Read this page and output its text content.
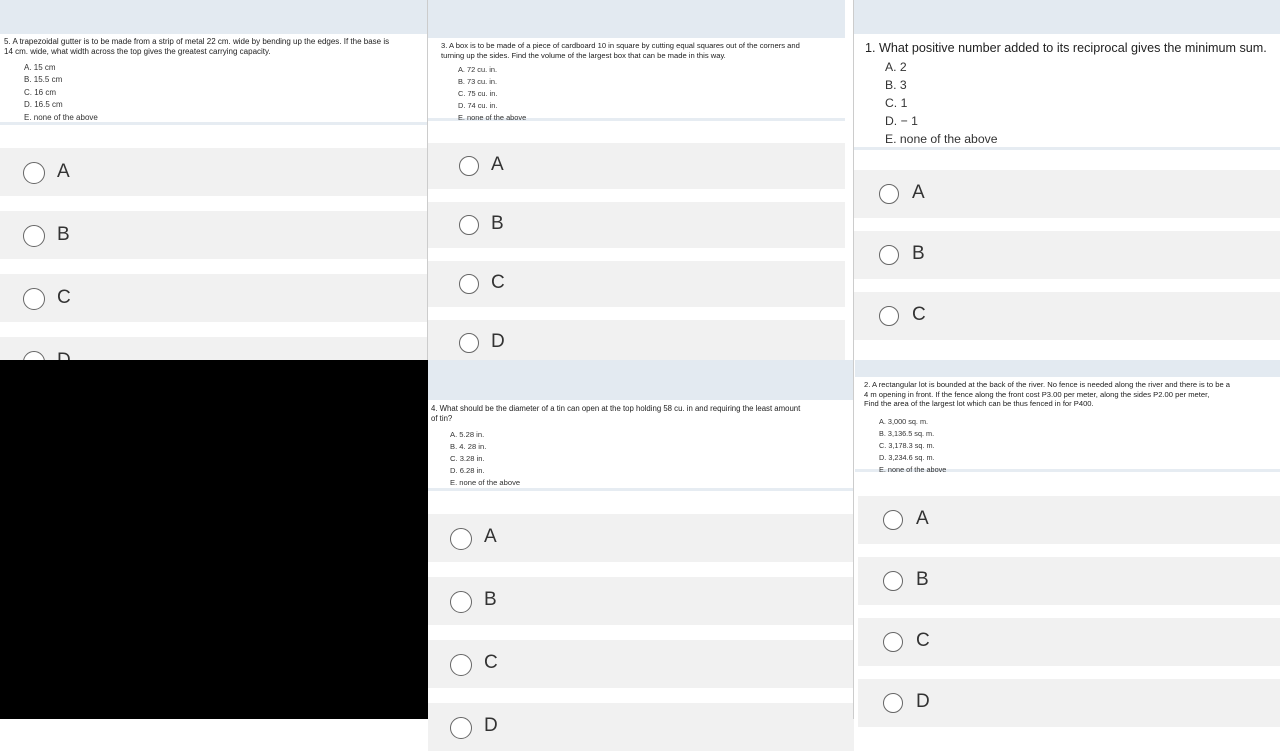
5. A trapezoidal gutter is to be made from a strip of metal 22 cm. wide by bending up the edges. If the base is
14 cm. wide, what width across the top gives the greatest carrying capacity.
A. 15 cm
B. 15.5 cm
C. 16 cm
D. 16.5 cm
E. none of the above
A
B
C
3. A box is to be made of a piece of cardboard 10 in square by cutting equal squares out of the corners and
turning up the sides. Find the volume of the largest box that can be made in this way.
A. 72 cu. in.
B. 73 cu. in.
C. 75 cu. in.
D. 74 cu. in.
E. none of the above
A
B
C
D
1. What positive number added to its reciprocal gives the minimum sum.
A. 2
B. 3
C. 1
D. − 1
E. none of the above
A
B
C
4. What should be the diameter of a tin can open at the top holding 58 cu. in and requiring the least amount
of tin?
A. 5.28 in.
B. 4. 28 in.
C. 3.28 in.
D. 6.28 in.
E. none of the above
A
B
C
D
2. A rectangular lot is bounded at the back of the river. No fence is needed along the river and there is to be a
4 m opening in front. If the fence along the front cost P3.00 per meter, along the sides P2.00 per meter,
Find the area of the largest lot which can be thus fenced in for P400.
A. 3,000 sq. m.
B. 3,136.5 sq. m.
C. 3,178.3 sq. m.
D. 3,234.6 sq. m.
E. none of the above
A
B
C
D
